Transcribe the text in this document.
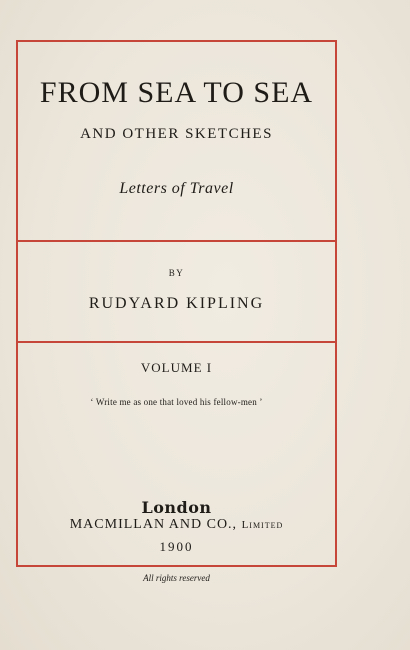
FROM SEA TO SEA
AND OTHER SKETCHES
Letters of Travel
BY
RUDYARD KIPLING
VOLUME I
‘ Write me as one that loved his fellow-men ’
London
MACMILLAN AND CO., Limited
1900
All rights reserved
